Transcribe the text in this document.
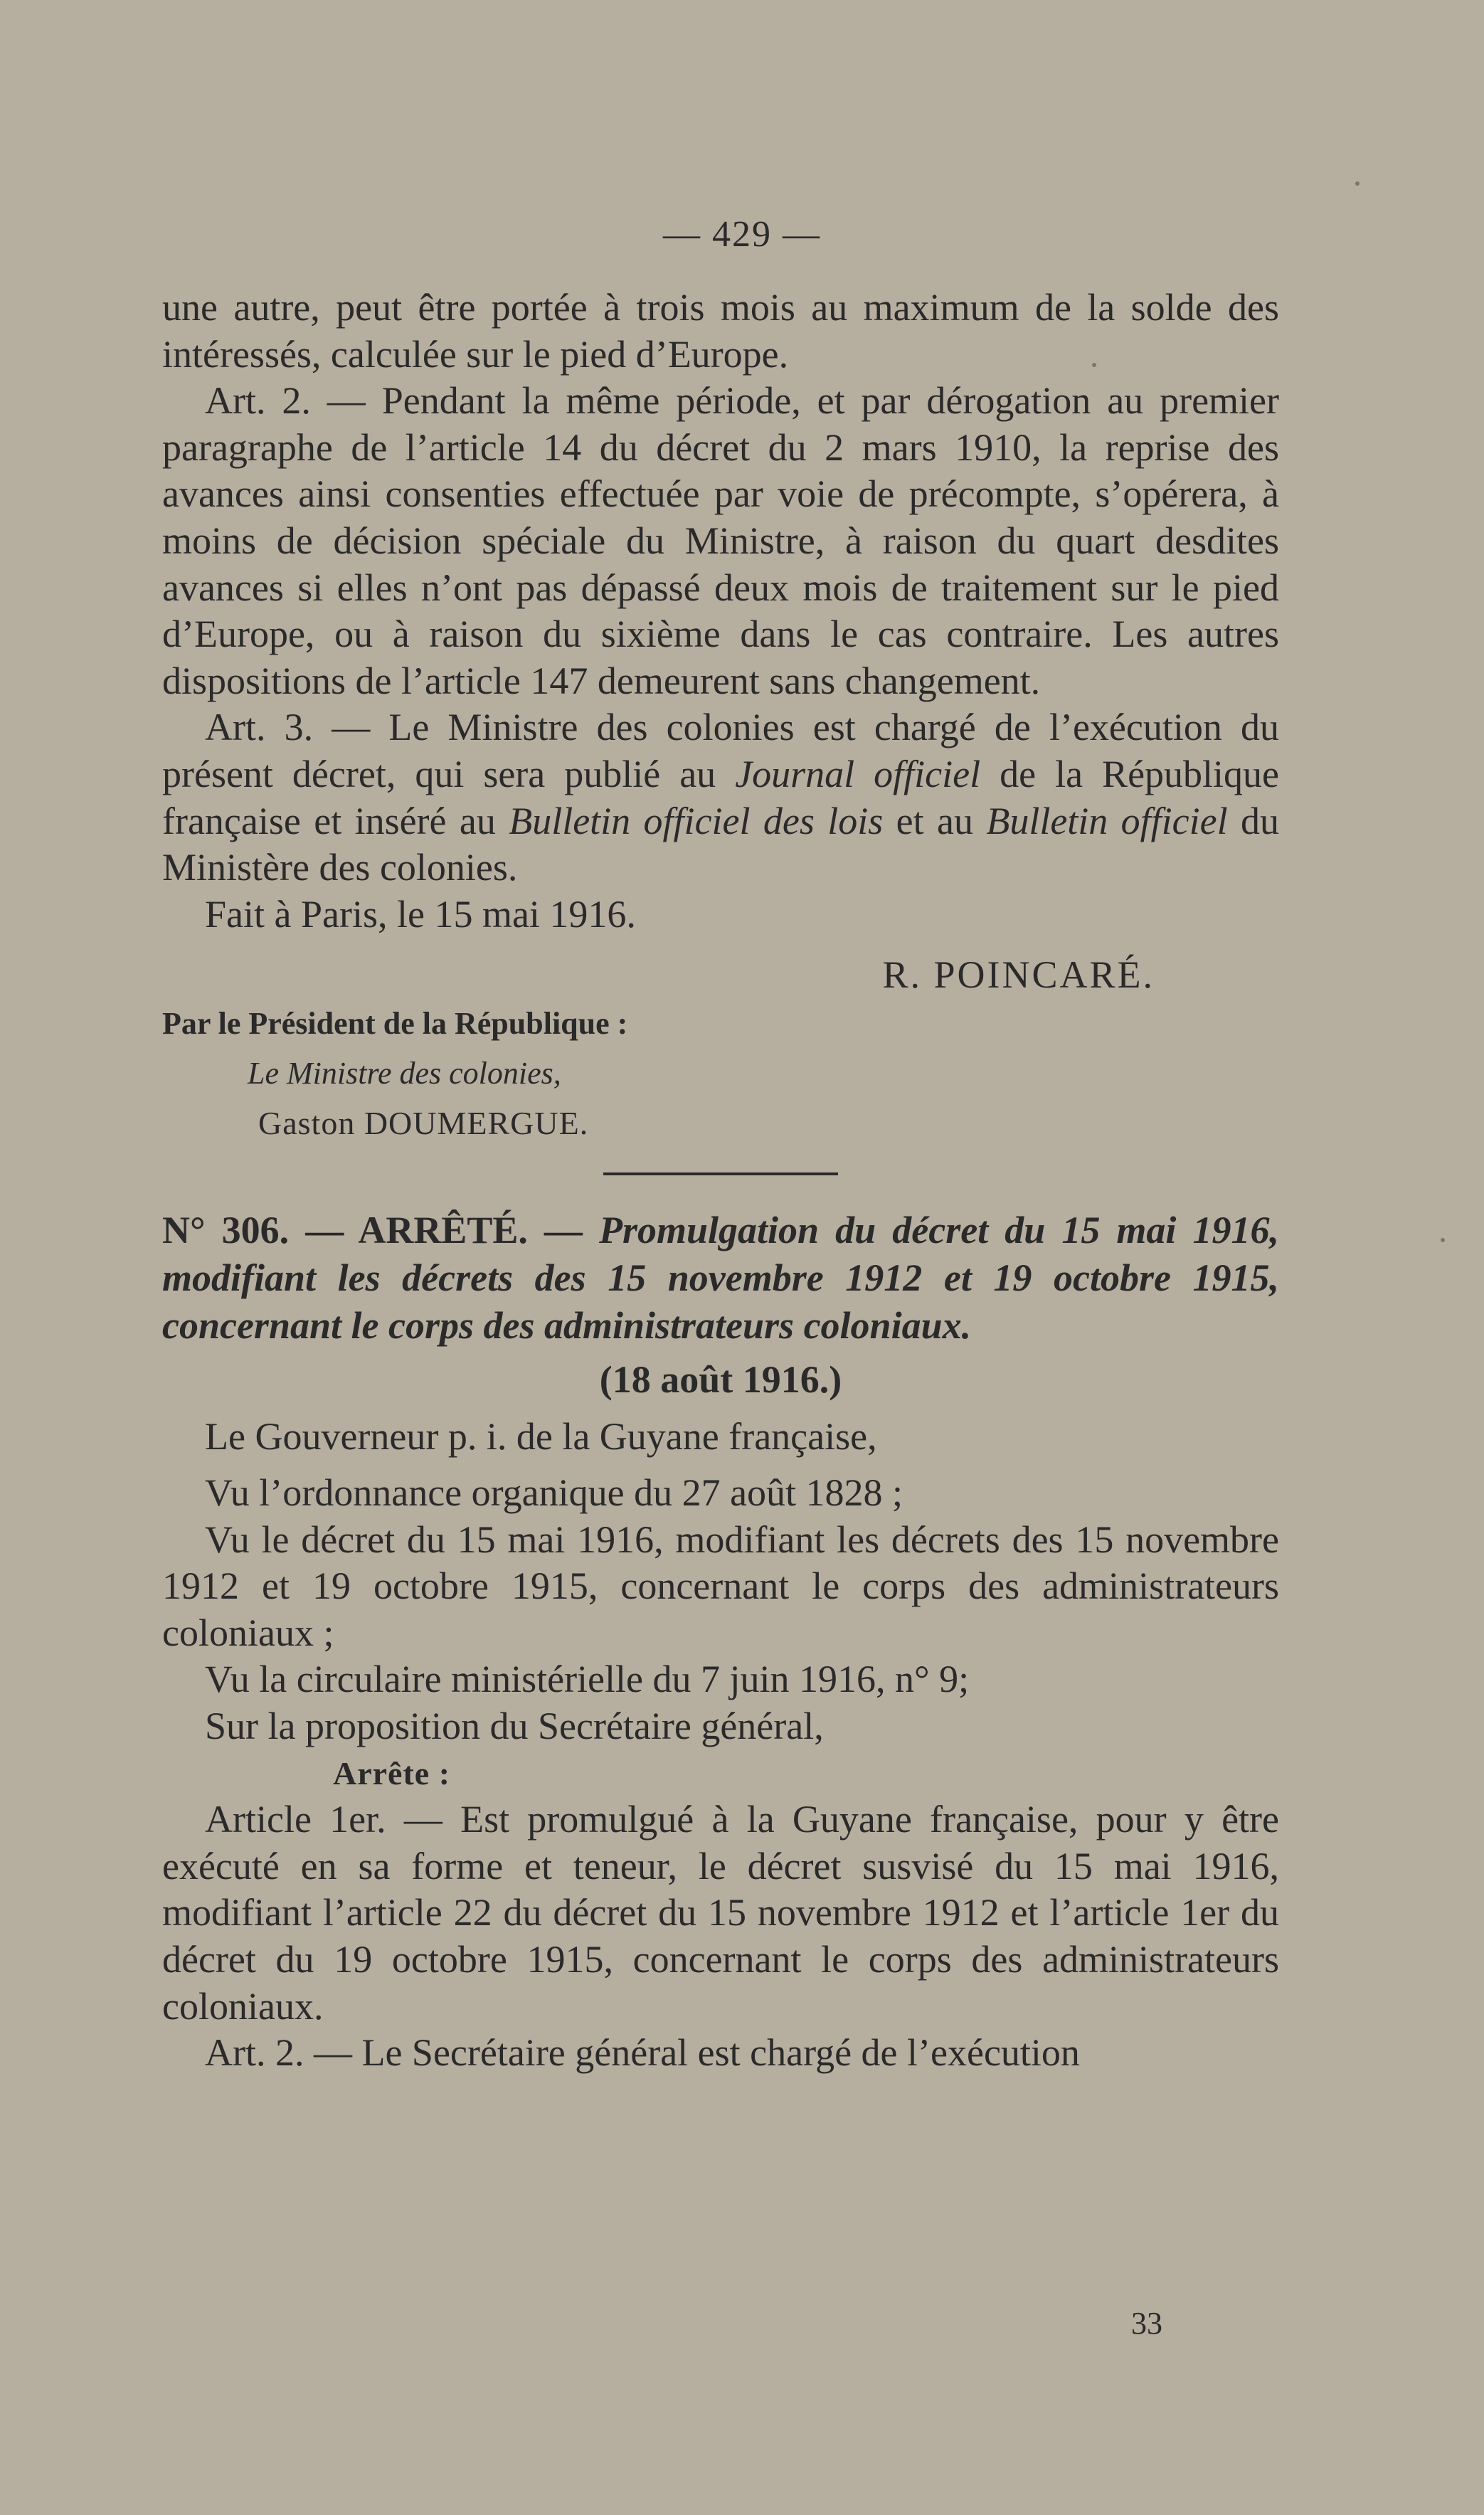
— 429 —

une autre, peut être portée à trois mois au maximum de la solde des intéressés, calculée sur le pied d’Europe.

Art. 2. — Pendant la même période, et par dérogation au premier paragraphe de l’article 14 du décret du 2 mars 1910, la reprise des avances ainsi consenties effectuée par voie de précompte, s’opérera, à moins de décision spéciale du Ministre, à raison du quart desdites avances si elles n’ont pas dépassé deux mois de traitement sur le pied d’Europe, ou à raison du sixième dans le cas contraire. Les autres dispositions de l’article 147 demeurent sans changement.

Art. 3. — Le Ministre des colonies est chargé de l’exécution du présent décret, qui sera publié au Journal officiel de la République française et inséré au Bulletin officiel des lois et au Bulletin officiel du Ministère des colonies.

Fait à Paris, le 15 mai 1916.

R. POINCARÉ.

Par le Président de la République :

Le Ministre des colonies,

Gaston DOUMERGUE.

N° 306. — ARRÊTÉ. — Promulgation du décret du 15 mai 1916, modifiant les décrets des 15 novembre 1912 et 19 octobre 1915, concernant le corps des administrateurs coloniaux.

(18 août 1916.)

Le Gouverneur p. i. de la Guyane française,

Vu l’ordonnance organique du 27 août 1828 ;

Vu le décret du 15 mai 1916, modifiant les décrets des 15 novembre 1912 et 19 octobre 1915, concernant le corps des administrateurs coloniaux ;

Vu la circulaire ministérielle du 7 juin 1916, n° 9;

Sur la proposition du Secrétaire général,

Arrête :

Article 1er. — Est promulgué à la Guyane française, pour y être exécuté en sa forme et teneur, le décret susvisé du 15 mai 1916, modifiant l’article 22 du décret du 15 novembre 1912 et l’article 1er du décret du 19 octobre 1915, concernant le corps des administrateurs coloniaux.

Art. 2. — Le Secrétaire général est chargé de l’exécution

33
